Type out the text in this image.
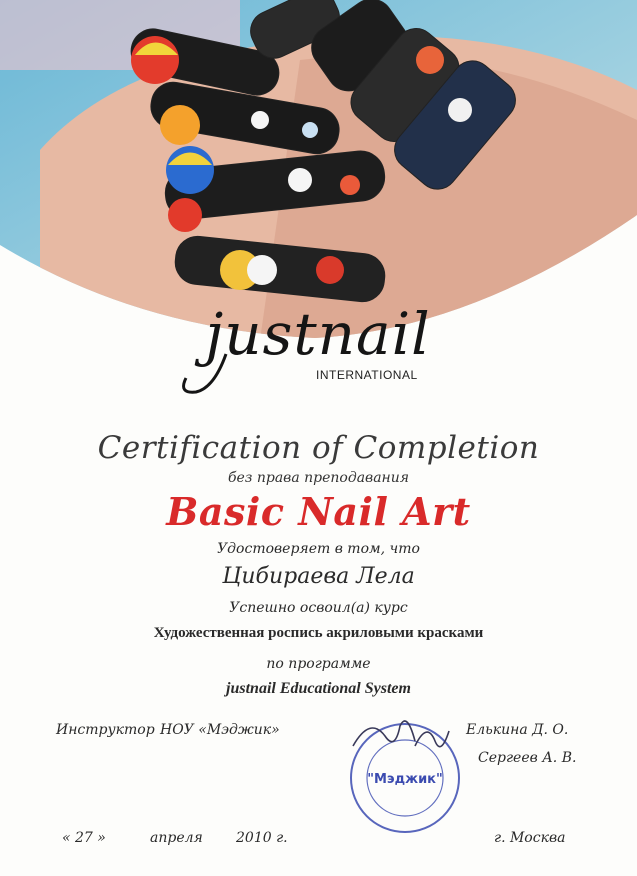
justnail
INTERNATIONAL
Certification of Completion
без права преподавания
Basic Nail Art
Удостоверяет в том, что
Цибираева Лела
Успешно освоил(а) курс
Художественная роспись акриловыми красками
по программе
justnail Educational System
Инструктор НОУ «Мэджик»	Елькина Д. О.
Сергеев А. В.
"Мэджик"
« 27 »	апреля 2010 г.	г. Москва
